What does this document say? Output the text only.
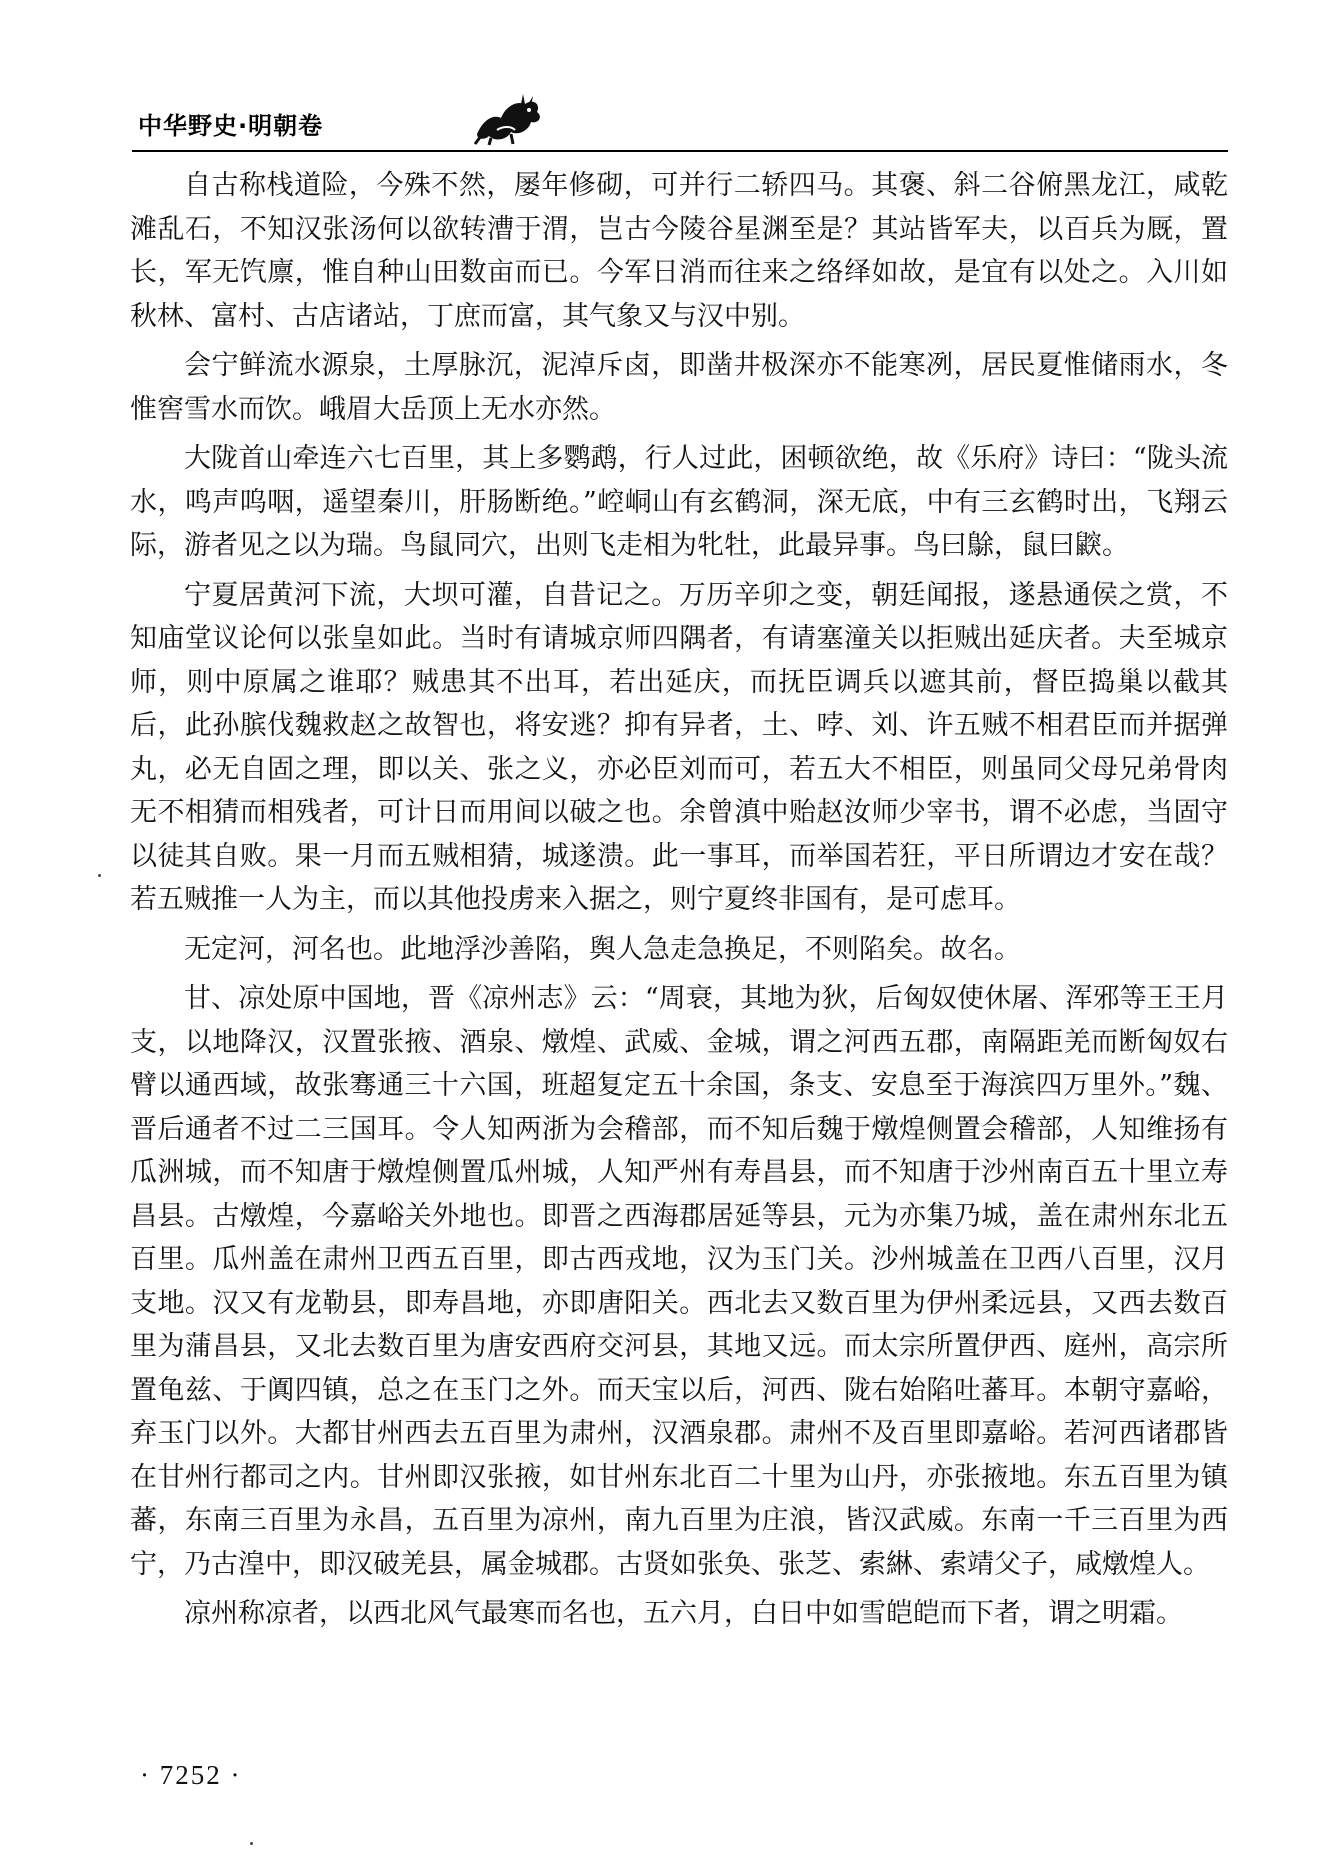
中华野史·明朝卷

自古称栈道险，今殊不然，屡年修砌，可并行二轿四马。其褒、斜二谷俯黑龙江，咸乾滩乱石，不知汉张汤何以欲转漕于渭，岂古今陵谷星渊至是？其站皆军夫，以百兵为厩，置长，军无饩廪，惟自种山田数亩而已。今军日消而往来之络绎如故，是宜有以处之。入川如秋林、富村、古店诸站，丁庶而富，其气象又与汉中别。

会宁鲜流水源泉，土厚脉沉，泥淖斥卤，即凿井极深亦不能寒冽，居民夏惟储雨水，冬惟窖雪水而饮。峨眉大岳顶上无水亦然。

大陇首山牵连六七百里，其上多鹦鹉，行人过此，困顿欲绝，故《乐府》诗曰：“陇头流水，鸣声呜咽，遥望秦川，肝肠断绝。”崆峒山有玄鹤洞，深无底，中有三玄鹤时出，飞翔云际，游者见之以为瑞。鸟鼠同穴，出则飞走相为牝牡，此最异事。鸟曰鵌，鼠曰鼵。

宁夏居黄河下流，大坝可灌，自昔记之。万历辛卯之变，朝廷闻报，遂悬通侯之赏，不知庙堂议论何以张皇如此。当时有请城京师四隅者，有请塞潼关以拒贼出延庆者。夫至城京师，则中原属之谁耶？贼患其不出耳，若出延庆，而抚臣调兵以遮其前，督臣捣巢以截其后，此孙膑伐魏救赵之故智也，将安逃？抑有异者，土、哱、刘、许五贼不相君臣而并据弹丸，必无自固之理，即以关、张之义，亦必臣刘而可，若五大不相臣，则虽同父母兄弟骨肉无不相猜而相残者，可计日而用间以破之也。余曾滇中贻赵汝师少宰书，谓不必虑，当固守以徒其自败。果一月而五贼相猜，城遂溃。此一事耳，而举国若狂，平日所谓边才安在哉？若五贼推一人为主，而以其他投虏来入据之，则宁夏终非国有，是可虑耳。

无定河，河名也。此地浮沙善陷，舆人急走急换足，不则陷矣。故名。

甘、凉处原中国地，晋《凉州志》云：“周衰，其地为狄，后匈奴使休屠、浑邪等王王月支，以地降汉，汉置张掖、酒泉、燉煌、武威、金城，谓之河西五郡，南隔距羌而断匈奴右臂以通西域，故张骞通三十六国，班超复定五十余国，条支、安息至于海滨四万里外。”魏、晋后通者不过二三国耳。令人知两浙为会稽部，而不知后魏于燉煌侧置会稽部，人知维扬有瓜洲城，而不知唐于燉煌侧置瓜州城，人知严州有寿昌县，而不知唐于沙州南百五十里立寿昌县。古燉煌，今嘉峪关外地也。即晋之西海郡居延等县，元为亦集乃城，盖在肃州东北五百里。瓜州盖在肃州卫西五百里，即古西戎地，汉为玉门关。沙州城盖在卫西八百里，汉月支地。汉又有龙勒县，即寿昌地，亦即唐阳关。西北去又数百里为伊州柔远县，又西去数百里为蒲昌县，又北去数百里为唐安西府交河县，其地又远。而太宗所置伊西、庭州，高宗所置龟兹、于阗四镇，总之在玉门之外。而天宝以后，河西、陇右始陷吐蕃耳。本朝守嘉峪，弃玉门以外。大都甘州西去五百里为肃州，汉酒泉郡。肃州不及百里即嘉峪。若河西诸郡皆在甘州行都司之内。甘州即汉张掖，如甘州东北百二十里为山丹，亦张掖地。东五百里为镇蕃，东南三百里为永昌，五百里为凉州，南九百里为庄浪，皆汉武威。东南一千三百里为西宁，乃古湟中，即汉破羌县，属金城郡。古贤如张奂、张芝、索綝、索靖父子，咸燉煌人。

凉州称凉者，以西北风气最寒而名也，五六月，白日中如雪皑皑而下者，谓之明霜。

· 7252 ·
